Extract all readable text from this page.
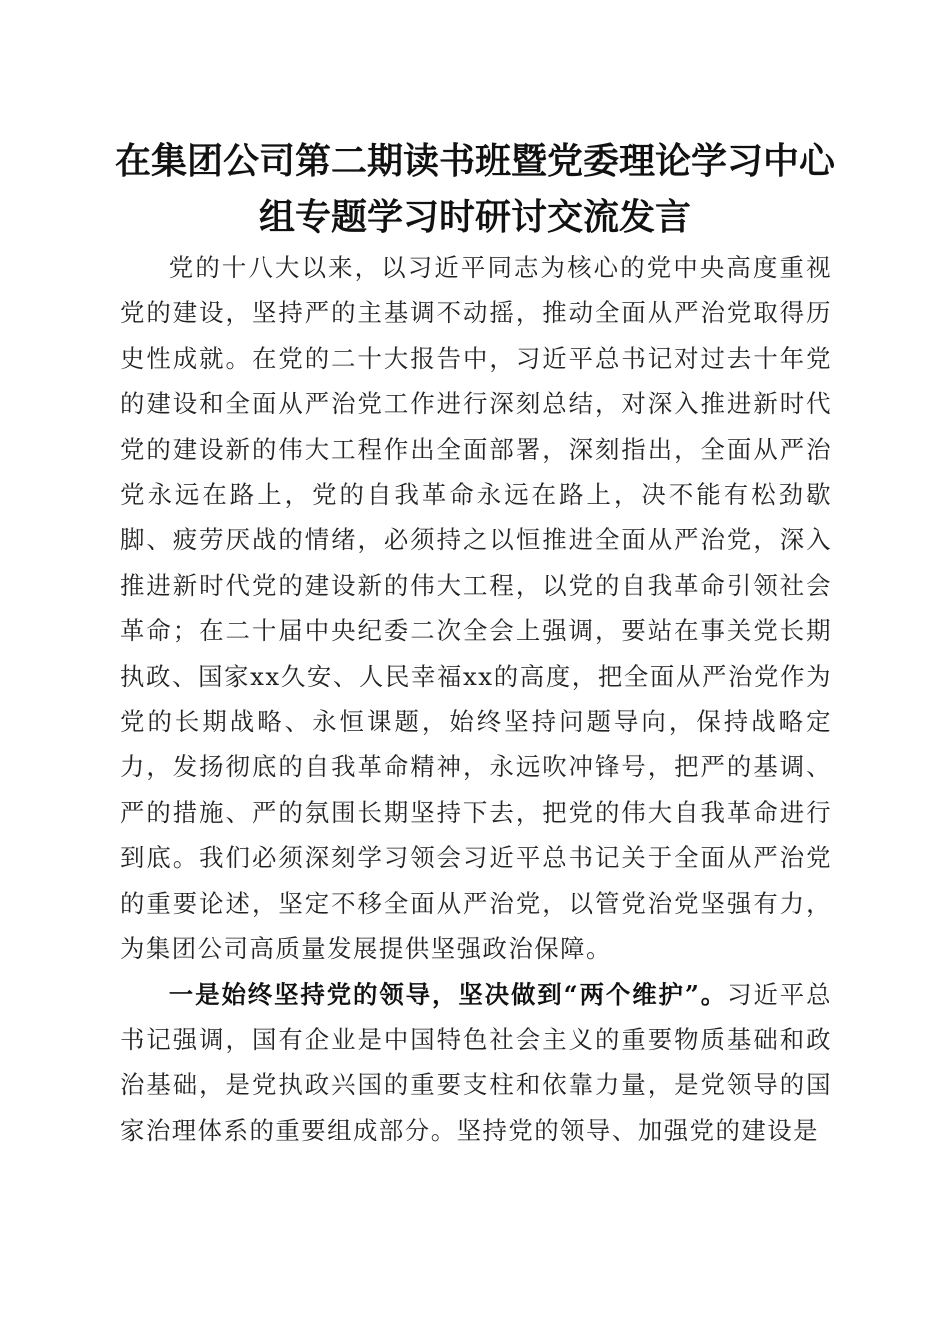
在集团公司第二期读书班暨党委理论学习中心
组专题学习时研讨交流发言

党的十八大以来，以习近平同志为核心的党中央高度重视党的建设，坚持严的主基调不动摇，推动全面从严治党取得历史性成就。在党的二十大报告中，习近平总书记对过去十年党的建设和全面从严治党工作进行深刻总结，对深入推进新时代党的建设新的伟大工程作出全面部署，深刻指出，全面从严治党永远在路上，党的自我革命永远在路上，决不能有松劲歇脚、疲劳厌战的情绪，必须持之以恒推进全面从严治党，深入推进新时代党的建设新的伟大工程，以党的自我革命引领社会革命；在二十届中央纪委二次全会上强调，要站在事关党长期执政、国家xx久安、人民幸福xx的高度，把全面从严治党作为党的长期战略、永恒课题，始终坚持问题导向，保持战略定力，发扬彻底的自我革命精神，永远吹冲锋号，把严的基调、严的措施、严的氛围长期坚持下去，把党的伟大自我革命进行到底。我们必须深刻学习领会习近平总书记关于全面从严治党的重要论述，坚定不移全面从严治党，以管党治党坚强有力，为集团公司高质量发展提供坚强政治保障。

一是始终坚持党的领导，坚决做到“两个维护”。习近平总书记强调，国有企业是中国特色社会主义的重要物质基础和政治基础，是党执政兴国的重要支柱和依靠力量，是党领导的国家治理体系的重要组成部分。坚持党的领导、加强党的建设是
